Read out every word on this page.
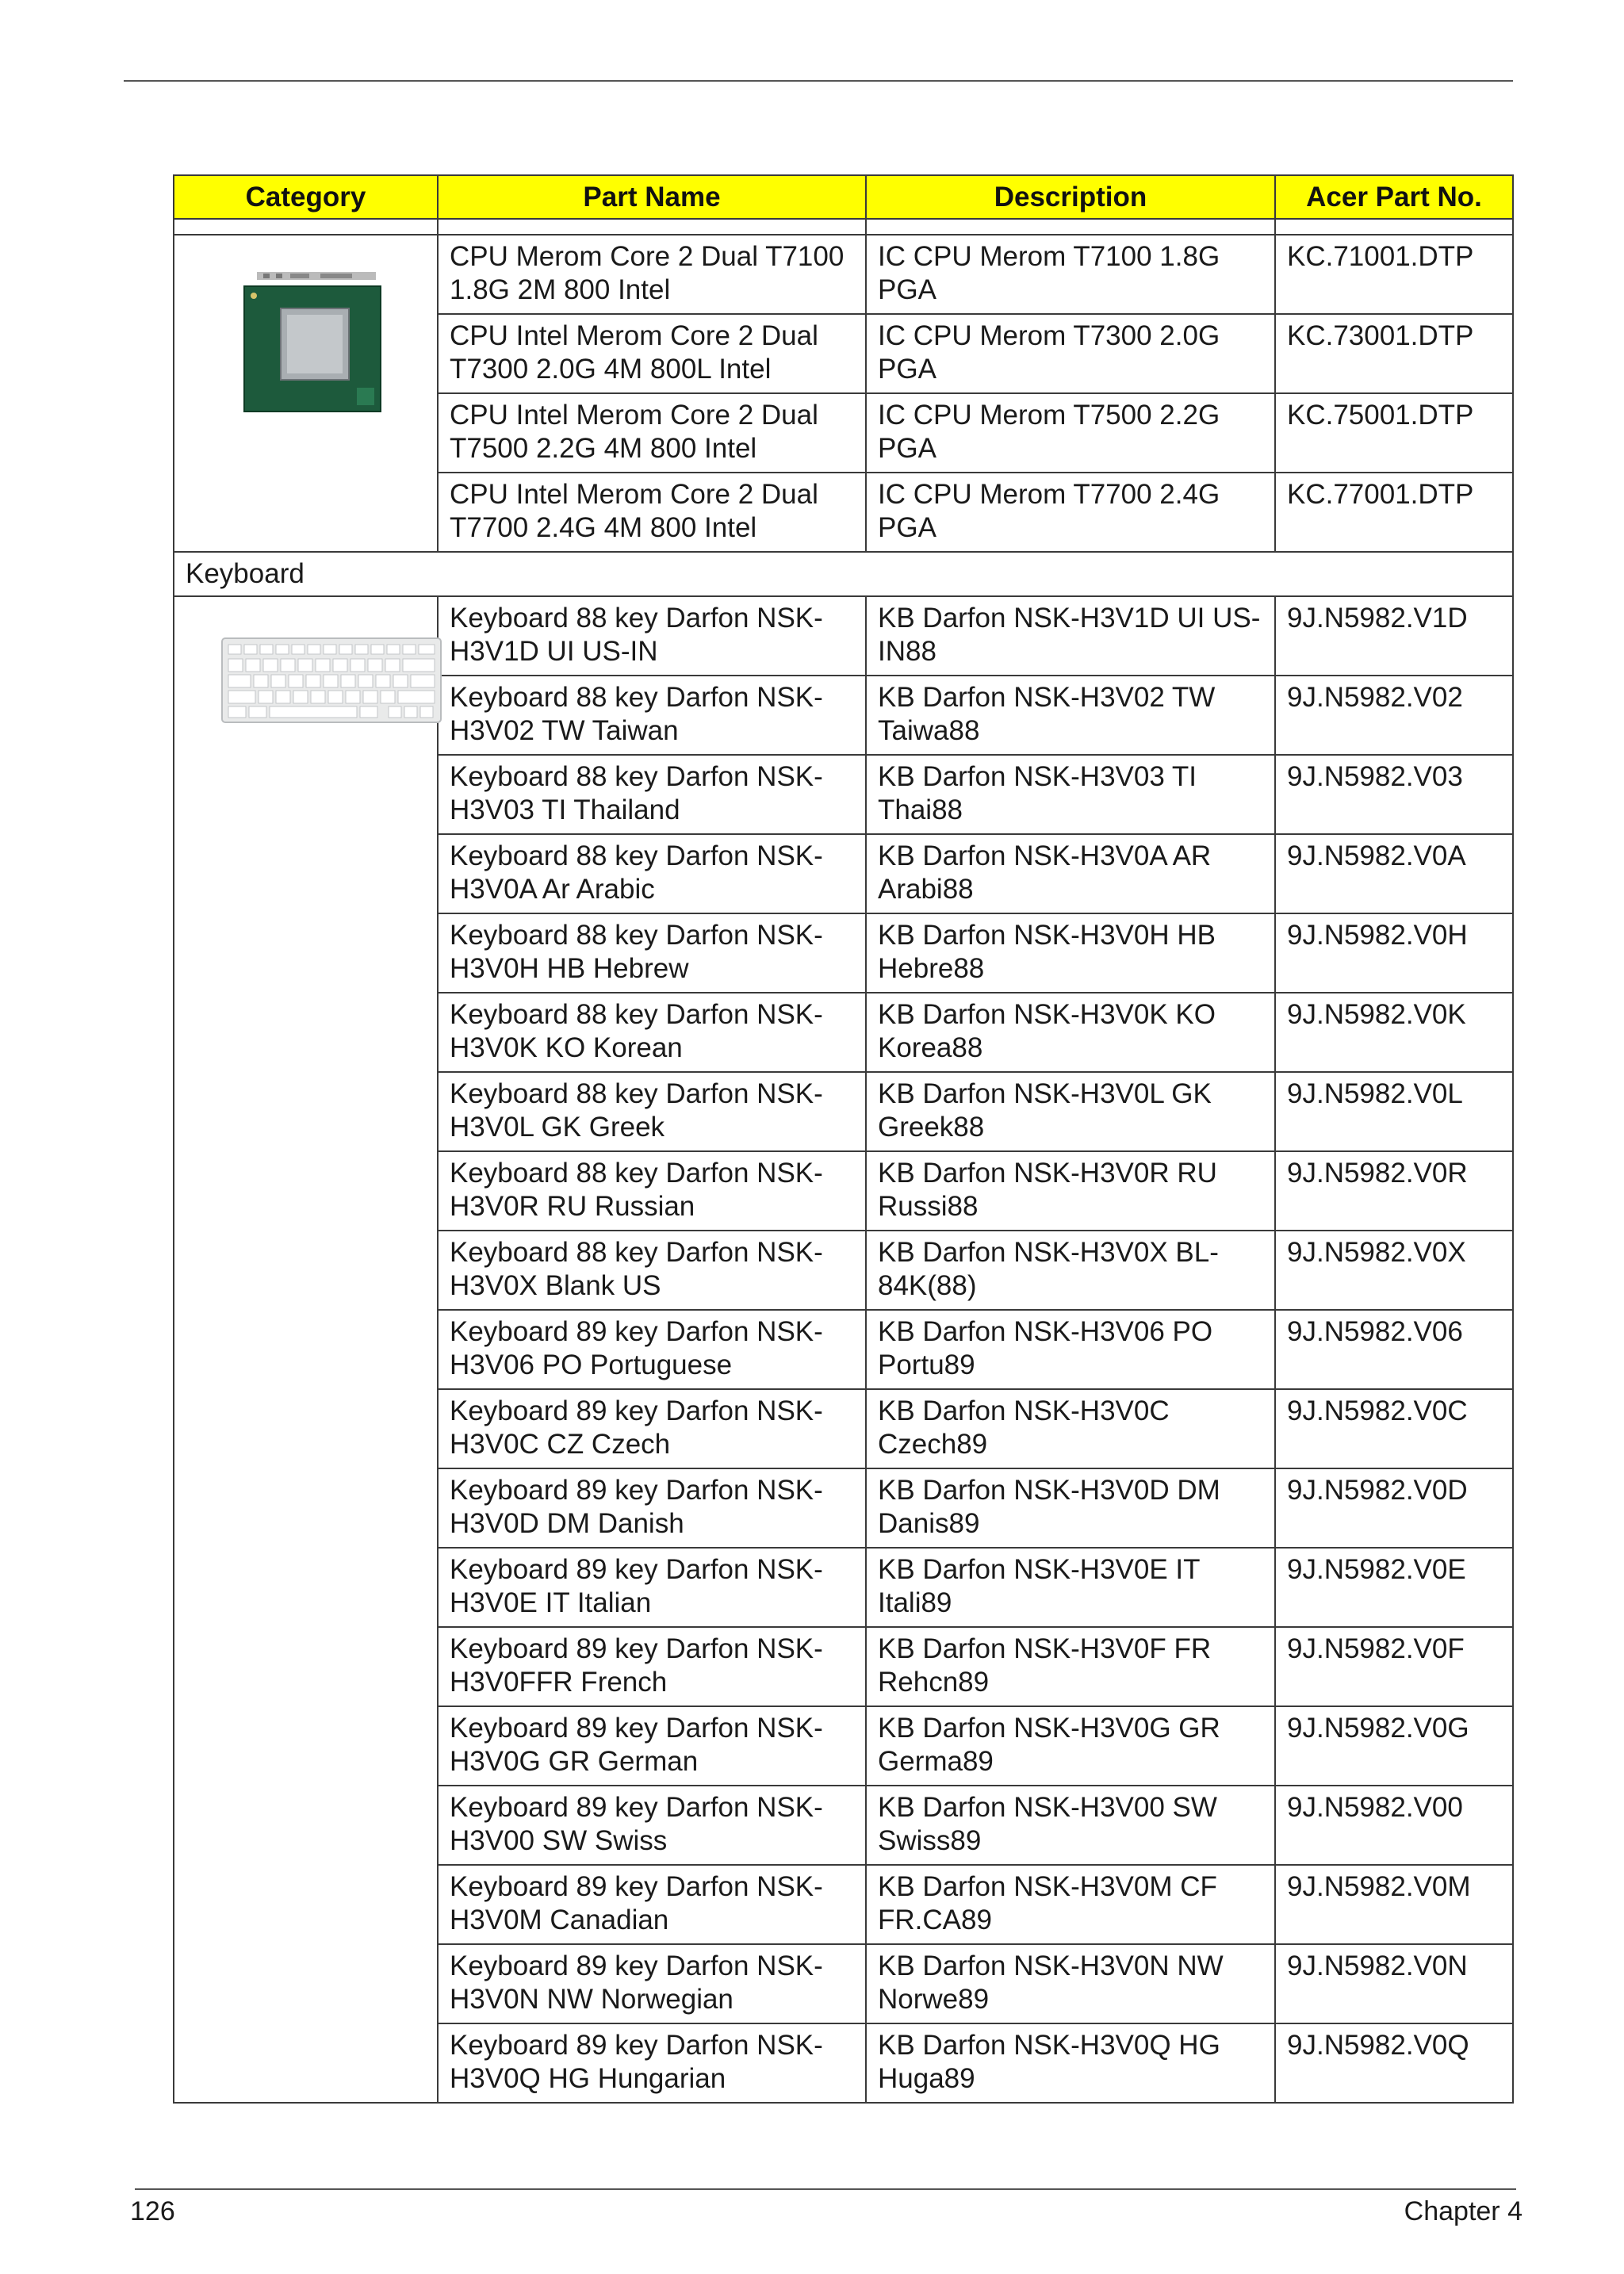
Category	Part Name	Description	Acer Part No.

	CPU Merom Core 2 Dual T7100 1.8G 2M 800 Intel	IC CPU Merom T7100 1.8G PGA	KC.71001.DTP
	CPU Intel Merom Core 2 Dual T7300 2.0G 4M 800L Intel	IC CPU Merom T7300 2.0G PGA	KC.73001.DTP
	CPU Intel Merom Core 2 Dual T7500 2.2G 4M 800 Intel	IC CPU Merom T7500 2.2G PGA	KC.75001.DTP
	CPU Intel Merom Core 2 Dual T7700 2.4G 4M 800 Intel	IC CPU Merom T7700 2.4G PGA	KC.77001.DTP
Keyboard			
	Keyboard 88 key Darfon NSK-H3V1D UI US-IN	KB Darfon NSK-H3V1D UI US-IN88	9J.N5982.V1D
	Keyboard 88 key Darfon NSK-H3V02 TW Taiwan	KB Darfon NSK-H3V02 TW Taiwa88	9J.N5982.V02
	Keyboard 88 key Darfon NSK-H3V03 TI Thailand	KB Darfon NSK-H3V03 TI Thai88	9J.N5982.V03
	Keyboard 88 key Darfon NSK-H3V0A Ar Arabic	KB Darfon NSK-H3V0A AR Arabi88	9J.N5982.V0A
	Keyboard 88 key Darfon NSK-H3V0H HB Hebrew	KB Darfon NSK-H3V0H HB Hebre88	9J.N5982.V0H
	Keyboard 88 key Darfon NSK-H3V0K KO Korean	KB Darfon NSK-H3V0K KO Korea88	9J.N5982.V0K
	Keyboard 88 key Darfon NSK-H3V0L GK Greek	KB Darfon NSK-H3V0L GK Greek88	9J.N5982.V0L
	Keyboard 88 key Darfon NSK-H3V0R RU Russian	KB Darfon NSK-H3V0R RU Russi88	9J.N5982.V0R
	Keyboard 88 key Darfon NSK-H3V0X Blank US	KB Darfon NSK-H3V0X BL-84K(88)	9J.N5982.V0X
	Keyboard 89 key Darfon NSK-H3V06 PO Portuguese	KB Darfon NSK-H3V06 PO Portu89	9J.N5982.V06
	Keyboard 89 key Darfon NSK-H3V0C CZ Czech	KB Darfon NSK-H3V0C Czech89	9J.N5982.V0C
	Keyboard 89 key Darfon NSK-H3V0D DM Danish	KB Darfon NSK-H3V0D DM Danis89	9J.N5982.V0D
	Keyboard 89 key Darfon NSK-H3V0E IT Italian	KB Darfon NSK-H3V0E IT Itali89	9J.N5982.V0E
	Keyboard 89 key Darfon NSK-H3V0FFR French	KB Darfon NSK-H3V0F FR Rehcn89	9J.N5982.V0F
	Keyboard 89 key Darfon NSK-H3V0G GR German	KB Darfon NSK-H3V0G GR Germa89	9J.N5982.V0G
	Keyboard 89 key Darfon NSK-H3V00 SW Swiss	KB Darfon NSK-H3V00 SW Swiss89	9J.N5982.V00
	Keyboard 89 key Darfon NSK-H3V0M Canadian	KB Darfon NSK-H3V0M CF FR.CA89	9J.N5982.V0M
	Keyboard 89 key Darfon NSK-H3V0N NW Norwegian	KB Darfon NSK-H3V0N NW Norwe89	9J.N5982.V0N
	Keyboard 89 key Darfon NSK-H3V0Q HG Hungarian	KB Darfon NSK-H3V0Q HG Huga89	9J.N5982.V0Q
126	Chapter 4
